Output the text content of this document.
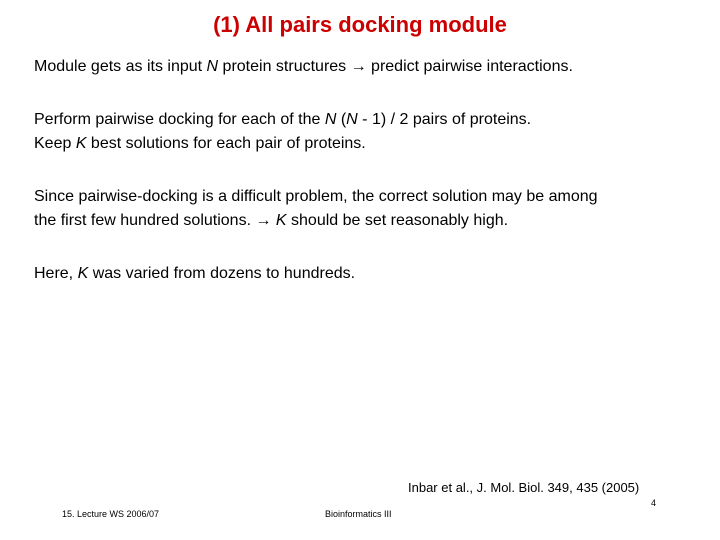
(1) All pairs docking module
Module gets as its input N protein structures → predict pairwise interactions.
Perform pairwise docking for each of the N (N - 1) / 2 pairs of proteins.
Keep K best solutions for each pair of proteins.
Since pairwise-docking is a difficult problem, the correct solution may be among
the first few hundred solutions. → K should be set reasonably high.
Here, K was varied from dozens to hundreds.
Inbar et al., J. Mol. Biol. 349, 435 (2005)
4
15. Lecture WS 2006/07	Bioinformatics III
